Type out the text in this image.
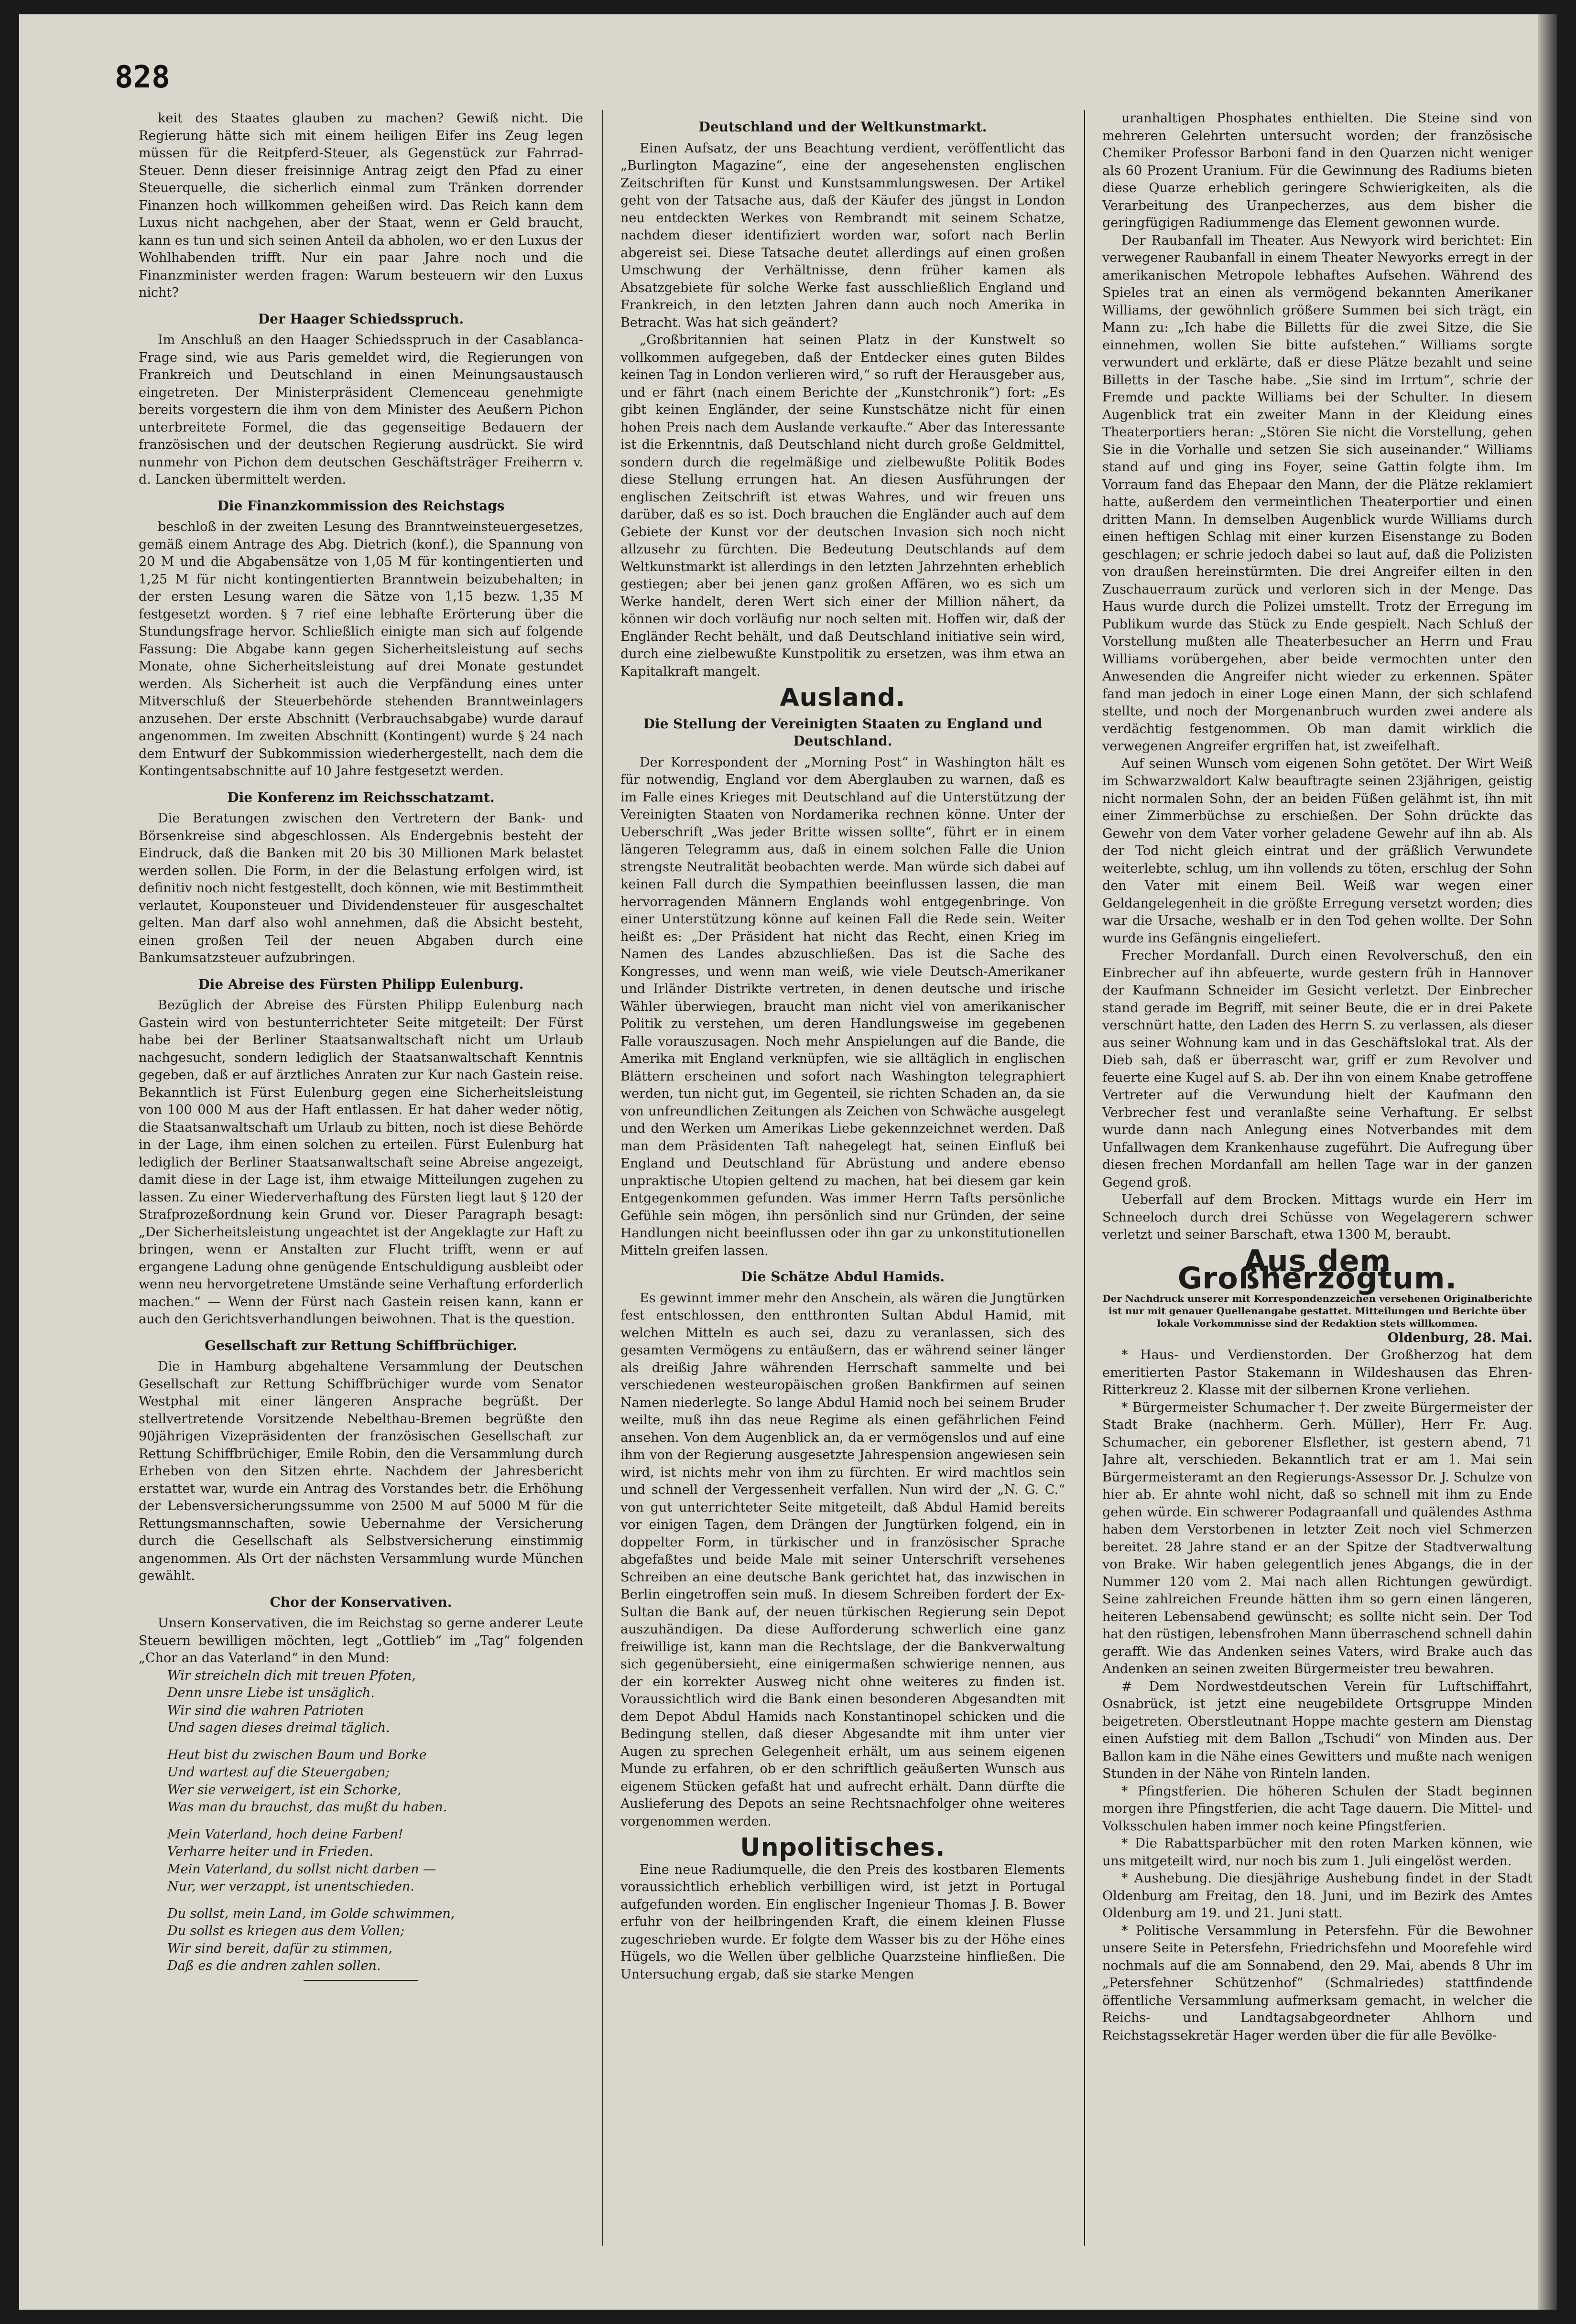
828

keit des Staates glauben zu machen? Gewiß nicht. Die Regierung hätte sich mit einem heiligen Eifer ins Zeug legen müssen für die Reitpferd-Steuer, als Gegenstück zur Fahrrad-Steuer. Denn dieser freisinnige Antrag zeigt den Pfad zu einer Steuerquelle, die sicherlich einmal zum Tränken dorrender Finanzen hoch willkommen geheißen wird. Das Reich kann dem Luxus nicht nachgehen, aber der Staat, wenn er Geld braucht, kann es tun und sich seinen Anteil da abholen, wo er den Luxus der Wohlhabenden trifft. Nur ein paar Jahre noch und die Finanzminister werden fragen: Warum besteuern wir den Luxus nicht?

Der Haager Schiedsspruch.

Im Anschluß an den Haager Schiedsspruch in der Casablanca-Frage sind, wie aus Paris gemeldet wird, die Regierungen von Frankreich und Deutschland in einen Meinungsaustausch eingetreten. Der Ministerpräsident Clemenceau genehmigte bereits vorgestern die ihm von dem Minister des Aeußern Pichon unterbreitete Formel, die das gegenseitige Bedauern der französischen und der deutschen Regierung ausdrückt. Sie wird nunmehr von Pichon dem deutschen Geschäftsträger Freiherrn v. d. Lancken übermittelt werden.

Die Finanzkommission des Reichstags

beschloß in der zweiten Lesung des Branntweinsteuergesetzes, gemäß einem Antrage des Abg. Dietrich (konf.), die Spannung von 20 M und die Abgabensätze von 1,05 M für kontingentierten und 1,25 M für nicht kontingentierten Branntwein beizubehalten; in der ersten Lesung waren die Sätze von 1,15 bezw. 1,35 M festgesetzt worden. § 7 rief eine lebhafte Erörterung über die Stundungsfrage hervor. Schließlich einigte man sich auf folgende Fassung: Die Abgabe kann gegen Sicherheitsleistung auf sechs Monate, ohne Sicherheitsleistung auf drei Monate gestundet werden. Als Sicherheit ist auch die Verpfändung eines unter Mitverschluß der Steuerbehörde stehenden Branntweinlagers anzusehen. Der erste Abschnitt (Verbrauchsabgabe) wurde darauf angenommen. Im zweiten Abschnitt (Kontingent) wurde § 24 nach dem Entwurf der Subkommission wiederhergestellt, nach dem die Kontingentsabschnitte auf 10 Jahre festgesetzt werden.

Die Konferenz im Reichsschatzamt.

Die Beratungen zwischen den Vertretern der Bank- und Börsenkreise sind abgeschlossen. Als Endergebnis besteht der Eindruck, daß die Banken mit 20 bis 30 Millionen Mark belastet werden sollen. Die Form, in der die Belastung erfolgen wird, ist definitiv noch nicht festgestellt, doch können, wie mit Bestimmtheit verlautet, Kouponsteuer und Dividendensteuer für ausgeschaltet gelten. Man darf also wohl annehmen, daß die Absicht besteht, einen großen Teil der neuen Abgaben durch eine Bankumsatzsteuer aufzubringen.

Die Abreise des Fürsten Philipp Eulenburg.

Bezüglich der Abreise des Fürsten Philipp Eulenburg nach Gastein wird von bestunterrichteter Seite mitgeteilt: Der Fürst habe bei der Berliner Staatsanwaltschaft nicht um Urlaub nachgesucht, sondern lediglich der Staatsanwaltschaft Kenntnis gegeben, daß er auf ärztliches Anraten zur Kur nach Gastein reise. Bekanntlich ist Fürst Eulenburg gegen eine Sicherheitsleistung von 100 000 M aus der Haft entlassen. Er hat daher weder nötig, die Staatsanwaltschaft um Urlaub zu bitten, noch ist diese Behörde in der Lage, ihm einen solchen zu erteilen. Fürst Eulenburg hat lediglich der Berliner Staatsanwaltschaft seine Abreise angezeigt, damit diese in der Lage ist, ihm etwaige Mitteilungen zugehen zu lassen. Zu einer Wiederverhaftung des Fürsten liegt laut § 120 der Strafprozeßordnung kein Grund vor. Dieser Paragraph besagt: „Der Sicherheitsleistung ungeachtet ist der Angeklagte zur Haft zu bringen, wenn er Anstalten zur Flucht trifft, wenn er auf ergangene Ladung ohne genügende Entschuldigung ausbleibt oder wenn neu hervorgetretene Umstände seine Verhaftung erforderlich machen.“ — Wenn der Fürst nach Gastein reisen kann, kann er auch den Gerichtsverhandlungen beiwohnen. That is the question.

Gesellschaft zur Rettung Schiffbrüchiger.

Die in Hamburg abgehaltene Versammlung der Deutschen Gesellschaft zur Rettung Schiffbrüchiger wurde vom Senator Westphal mit einer längeren Ansprache begrüßt. Der stellvertretende Vorsitzende Nebelthau-Bremen begrüßte den 90jährigen Vizepräsidenten der französischen Gesellschaft zur Rettung Schiffbrüchiger, Emile Robin, den die Versammlung durch Erheben von den Sitzen ehrte. Nachdem der Jahresbericht erstattet war, wurde ein Antrag des Vorstandes betr. die Erhöhung der Lebensversicherungssumme von 2500 M auf 5000 M für die Rettungsmannschaften, sowie Uebernahme der Versicherung durch die Gesellschaft als Selbstversicherung einstimmig angenommen. Als Ort der nächsten Versammlung wurde München gewählt.

Chor der Konservativen.

Unsern Konservativen, die im Reichstag so gerne anderer Leute Steuern bewilligen möchten, legt „Gottlieb“ im „Tag“ folgenden „Chor an das Vaterland“ in den Mund:

Wir streicheln dich mit treuen Pfoten,

Denn unsre Liebe ist unsäglich.

Wir sind die wahren Patrioten

Und sagen dieses dreimal täglich.

Heut bist du zwischen Baum und Borke

Und wartest auf die Steuergaben;

Wer sie verweigert, ist ein Schorke,

Was man du brauchst, das mußt du haben.

Mein Vaterland, hoch deine Farben!

Verharre heiter und in Frieden.

Mein Vaterland, du sollst nicht darben —

Nur, wer verzappt, ist unentschieden.

Du sollst, mein Land, im Golde schwimmen,

Du sollst es kriegen aus dem Vollen;

Wir sind bereit, dafür zu stimmen,

Daß es die andren zahlen sollen.

Deutschland und der Weltkunstmarkt.

Einen Aufsatz, der uns Beachtung verdient, veröffentlicht das „Burlington Magazine“, eine der angesehensten englischen Zeitschriften für Kunst und Kunstsammlungswesen. Der Artikel geht von der Tatsache aus, daß der Käufer des jüngst in London neu entdeckten Werkes von Rembrandt mit seinem Schatze, nachdem dieser identifiziert worden war, sofort nach Berlin abgereist sei. Diese Tatsache deutet allerdings auf einen großen Umschwung der Verhältnisse, denn früher kamen als Absatzgebiete für solche Werke fast ausschließlich England und Frankreich, in den letzten Jahren dann auch noch Amerika in Betracht. Was hat sich geändert?

„Großbritannien hat seinen Platz in der Kunstwelt so vollkommen aufgegeben, daß der Entdecker eines guten Bildes keinen Tag in London verlieren wird,“ so ruft der Herausgeber aus, und er fährt (nach einem Berichte der „Kunstchronik“) fort: „Es gibt keinen Engländer, der seine Kunstschätze nicht für einen hohen Preis nach dem Auslande verkaufte.“ Aber das Interessante ist die Erkenntnis, daß Deutschland nicht durch große Geldmittel, sondern durch die regelmäßige und zielbewußte Politik Bodes diese Stellung errungen hat. An diesen Ausführungen der englischen Zeitschrift ist etwas Wahres, und wir freuen uns darüber, daß es so ist. Doch brauchen die Engländer auch auf dem Gebiete der Kunst vor der deutschen Invasion sich noch nicht allzusehr zu fürchten. Die Bedeutung Deutschlands auf dem Weltkunstmarkt ist allerdings in den letzten Jahrzehnten erheblich gestiegen; aber bei jenen ganz großen Affären, wo es sich um Werke handelt, deren Wert sich einer der Million nähert, da können wir doch vorläufig nur noch selten mit. Hoffen wir, daß der Engländer Recht behält, und daß Deutschland initiative sein wird, durch eine zielbewußte Kunstpolitik zu ersetzen, was ihm etwa an Kapitalkraft mangelt.

Ausland.
Die Stellung der Vereinigten Staaten zu England und Deutschland.

Der Korrespondent der „Morning Post“ in Washington hält es für notwendig, England vor dem Aberglauben zu warnen, daß es im Falle eines Krieges mit Deutschland auf die Unterstützung der Vereinigten Staaten von Nordamerika rechnen könne. Unter der Ueberschrift „Was jeder Britte wissen sollte“, führt er in einem längeren Telegramm aus, daß in einem solchen Falle die Union strengste Neutralität beobachten werde. Man würde sich dabei auf keinen Fall durch die Sympathien beeinflussen lassen, die man hervorragenden Männern Englands wohl entgegenbringe. Von einer Unterstützung könne auf keinen Fall die Rede sein. Weiter heißt es: „Der Präsident hat nicht das Recht, einen Krieg im Namen des Landes abzuschließen. Das ist die Sache des Kongresses, und wenn man weiß, wie viele Deutsch-Amerikaner und Irländer Distrikte vertreten, in denen deutsche und irische Wähler überwiegen, braucht man nicht viel von amerikanischer Politik zu verstehen, um deren Handlungsweise im gegebenen Falle vorauszusagen. Noch mehr Anspielungen auf die Bande, die Amerika mit England verknüpfen, wie sie alltäglich in englischen Blättern erscheinen und sofort nach Washington telegraphiert werden, tun nicht gut, im Gegenteil, sie richten Schaden an, da sie von unfreundlichen Zeitungen als Zeichen von Schwäche ausgelegt und den Werken um Amerikas Liebe gekennzeichnet werden. Daß man dem Präsidenten Taft nahegelegt hat, seinen Einfluß bei England und Deutschland für Abrüstung und andere ebenso unpraktische Utopien geltend zu machen, hat bei diesem gar kein Entgegenkommen gefunden. Was immer Herrn Tafts persönliche Gefühle sein mögen, ihn persönlich sind nur Gründen, der seine Handlungen nicht beeinflussen oder ihn gar zu unkonstitutionellen Mitteln greifen lassen.

Die Schätze Abdul Hamids.

Es gewinnt immer mehr den Anschein, als wären die Jungtürken fest entschlossen, den entthronten Sultan Abdul Hamid, mit welchen Mitteln es auch sei, dazu zu veranlassen, sich des gesamten Vermögens zu entäußern, das er während seiner länger als dreißig Jahre währenden Herrschaft sammelte und bei verschiedenen westeuropäischen großen Bankfirmen auf seinen Namen niederlegte. So lange Abdul Hamid noch bei seinem Bruder weilte, muß ihn das neue Regime als einen gefährlichen Feind ansehen. Von dem Augenblick an, da er vermögenslos und auf eine ihm von der Regierung ausgesetzte Jahrespension angewiesen sein wird, ist nichts mehr von ihm zu fürchten. Er wird machtlos sein und schnell der Vergessenheit verfallen. Nun wird der „N. G. C.“ von gut unterrichteter Seite mitgeteilt, daß Abdul Hamid bereits vor einigen Tagen, dem Drängen der Jungtürken folgend, ein in doppelter Form, in türkischer und in französischer Sprache abgefaßtes und beide Male mit seiner Unterschrift versehenes Schreiben an eine deutsche Bank gerichtet hat, das inzwischen in Berlin eingetroffen sein muß. In diesem Schreiben fordert der Ex-Sultan die Bank auf, der neuen türkischen Regierung sein Depot auszuhändigen. Da diese Aufforderung schwerlich eine ganz freiwillige ist, kann man die Rechtslage, der die Bankverwaltung sich gegenübersieht, eine einigermaßen schwierige nennen, aus der ein korrekter Ausweg nicht ohne weiteres zu finden ist. Voraussichtlich wird die Bank einen besonderen Abgesandten mit dem Depot Abdul Hamids nach Konstantinopel schicken und die Bedingung stellen, daß dieser Abgesandte mit ihm unter vier Augen zu sprechen Gelegenheit erhält, um aus seinem eigenen Munde zu erfahren, ob er den schriftlich geäußerten Wunsch aus eigenem Stücken gefaßt hat und aufrecht erhält. Dann dürfte die Auslieferung des Depots an seine Rechtsnachfolger ohne weiteres vorgenommen werden.

Unpolitisches.

Eine neue Radiumquelle, die den Preis des kostbaren Elements voraussichtlich erheblich verbilligen wird, ist jetzt in Portugal aufgefunden worden. Ein englischer Ingenieur Thomas J. B. Bower erfuhr von der heilbringenden Kraft, die einem kleinen Flusse zugeschrieben wurde. Er folgte dem Wasser bis zu der Höhe eines Hügels, wo die Wellen über gelbliche Quarzsteine hinfließen. Die Untersuchung ergab, daß sie starke Mengen

uranhaltigen Phosphates enthielten. Die Steine sind von mehreren Gelehrten untersucht worden; der französische Chemiker Professor Barboni fand in den Quarzen nicht weniger als 60 Prozent Uranium. Für die Gewinnung des Radiums bieten diese Quarze erheblich geringere Schwierigkeiten, als die Verarbeitung des Uranpecherzes, aus dem bisher die geringfügigen Radiummenge das Element gewonnen wurde.

Der Raubanfall im Theater. Aus Newyork wird berichtet: Ein verwegener Raubanfall in einem Theater Newyorks erregt in der amerikanischen Metropole lebhaftes Aufsehen. Während des Spieles trat an einen als vermögend bekannten Amerikaner Williams, der gewöhnlich größere Summen bei sich trägt, ein Mann zu: „Ich habe die Billetts für die zwei Sitze, die Sie einnehmen, wollen Sie bitte aufstehen.“ Williams sorgte verwundert und erklärte, daß er diese Plätze bezahlt und seine Billetts in der Tasche habe. „Sie sind im Irrtum“, schrie der Fremde und packte Williams bei der Schulter. In diesem Augenblick trat ein zweiter Mann in der Kleidung eines Theaterportiers heran: „Stören Sie nicht die Vorstellung, gehen Sie in die Vorhalle und setzen Sie sich auseinander.“ Williams stand auf und ging ins Foyer, seine Gattin folgte ihm. Im Vorraum fand das Ehepaar den Mann, der die Plätze reklamiert hatte, außerdem den vermeintlichen Theaterportier und einen dritten Mann. In demselben Augenblick wurde Williams durch einen heftigen Schlag mit einer kurzen Eisenstange zu Boden geschlagen; er schrie jedoch dabei so laut auf, daß die Polizisten von draußen hereinstürmten. Die drei Angreifer eilten in den Zuschauerraum zurück und verloren sich in der Menge. Das Haus wurde durch die Polizei umstellt. Trotz der Erregung im Publikum wurde das Stück zu Ende gespielt. Nach Schluß der Vorstellung mußten alle Theaterbesucher an Herrn und Frau Williams vorübergehen, aber beide vermochten unter den Anwesenden die Angreifer nicht wieder zu erkennen. Später fand man jedoch in einer Loge einen Mann, der sich schlafend stellte, und noch der Morgenanbruch wurden zwei andere als verdächtig festgenommen. Ob man damit wirklich die verwegenen Angreifer ergriffen hat, ist zweifelhaft.

Auf seinen Wunsch vom eigenen Sohn getötet. Der Wirt Weiß im Schwarzwaldort Kalw beauftragte seinen 23jährigen, geistig nicht normalen Sohn, der an beiden Füßen gelähmt ist, ihn mit einer Zimmerbüchse zu erschießen. Der Sohn drückte das Gewehr von dem Vater vorher geladene Gewehr auf ihn ab. Als der Tod nicht gleich eintrat und der gräßlich Verwundete weiterlebte, schlug, um ihn vollends zu töten, erschlug der Sohn den Vater mit einem Beil. Weiß war wegen einer Geldangelegenheit in die größte Erregung versetzt worden; dies war die Ursache, weshalb er in den Tod gehen wollte. Der Sohn wurde ins Gefängnis eingeliefert.

Frecher Mordanfall. Durch einen Revolverschuß, den ein Einbrecher auf ihn abfeuerte, wurde gestern früh in Hannover der Kaufmann Schneider im Gesicht verletzt. Der Einbrecher stand gerade im Begriff, mit seiner Beute, die er in drei Pakete verschnürt hatte, den Laden des Herrn S. zu verlassen, als dieser aus seiner Wohnung kam und in das Geschäftslokal trat. Als der Dieb sah, daß er überrascht war, griff er zum Revolver und feuerte eine Kugel auf S. ab. Der ihn von einem Knabe getroffene Vertreter auf die Verwundung hielt der Kaufmann den Verbrecher fest und veranlaßte seine Verhaftung. Er selbst wurde dann nach Anlegung eines Notverbandes mit dem Unfallwagen dem Krankenhause zugeführt. Die Aufregung über diesen frechen Mordanfall am hellen Tage war in der ganzen Gegend groß.

Ueberfall auf dem Brocken. Mittags wurde ein Herr im Schneeloch durch drei Schüsse von Wegelagerern schwer verletzt und seiner Barschaft, etwa 1300 M, beraubt.

Aus dem Großherzogtum.
Der Nachdruck unserer mit Korrespondenzzeichen versehenen Originalberichte ist nur mit genauer Quellenangabe gestattet. Mitteilungen und Berichte über lokale Vorkommnisse sind der Redaktion stets willkommen.
Oldenburg, 28. Mai.

* Haus- und Verdienstorden. Der Großherzog hat dem emeritierten Pastor Stakemann in Wildeshausen das Ehren-Ritterkreuz 2. Klasse mit der silbernen Krone verliehen.

* Bürgermeister Schumacher †. Der zweite Bürgermeister der Stadt Brake (nachherm. Gerh. Müller), Herr Fr. Aug. Schumacher, ein geborener Elsflether, ist gestern abend, 71 Jahre alt, verschieden. Bekanntlich trat er am 1. Mai sein Bürgermeisteramt an den Regierungs-Assessor Dr. J. Schulze von hier ab. Er ahnte wohl nicht, daß so schnell mit ihm zu Ende gehen würde. Ein schwerer Podagraanfall und quälendes Asthma haben dem Verstorbenen in letzter Zeit noch viel Schmerzen bereitet. 28 Jahre stand er an der Spitze der Stadtverwaltung von Brake. Wir haben gelegentlich jenes Abgangs, die in der Nummer 120 vom 2. Mai nach allen Richtungen gewürdigt. Seine zahlreichen Freunde hätten ihm so gern einen längeren, heiteren Lebensabend gewünscht; es sollte nicht sein. Der Tod hat den rüstigen, lebensfrohen Mann überraschend schnell dahin gerafft. Wie das Andenken seines Vaters, wird Brake auch das Andenken an seinen zweiten Bürgermeister treu bewahren.

# Dem Nordwestdeutschen Verein für Luftschiffahrt, Osnabrück, ist jetzt eine neugebildete Ortsgruppe Minden beigetreten. Oberstleutnant Hoppe machte gestern am Dienstag einen Aufstieg mit dem Ballon „Tschudi“ von Minden aus. Der Ballon kam in die Nähe eines Gewitters und mußte nach wenigen Stunden in der Nähe von Rinteln landen.

* Pfingstferien. Die höheren Schulen der Stadt beginnen morgen ihre Pfingstferien, die acht Tage dauern. Die Mittel- und Volksschulen haben immer noch keine Pfingstferien.

* Die Rabattsparbücher mit den roten Marken können, wie uns mitgeteilt wird, nur noch bis zum 1. Juli eingelöst werden.

* Aushebung. Die diesjährige Aushebung findet in der Stadt Oldenburg am Freitag, den 18. Juni, und im Bezirk des Amtes Oldenburg am 19. und 21. Juni statt.

* Politische Versammlung in Petersfehn. Für die Bewohner unsere Seite in Petersfehn, Friedrichsfehn und Moorefehle wird nochmals auf die am Sonnabend, den 29. Mai, abends 8 Uhr im „Petersfehner Schützenhof“ (Schmalriedes) stattfindende öffentliche Versammlung aufmerksam gemacht, in welcher die Reichs- und Landtagsabgeordneter Ahlhorn und Reichstagssekretär Hager werden über die für alle Bevölke-
